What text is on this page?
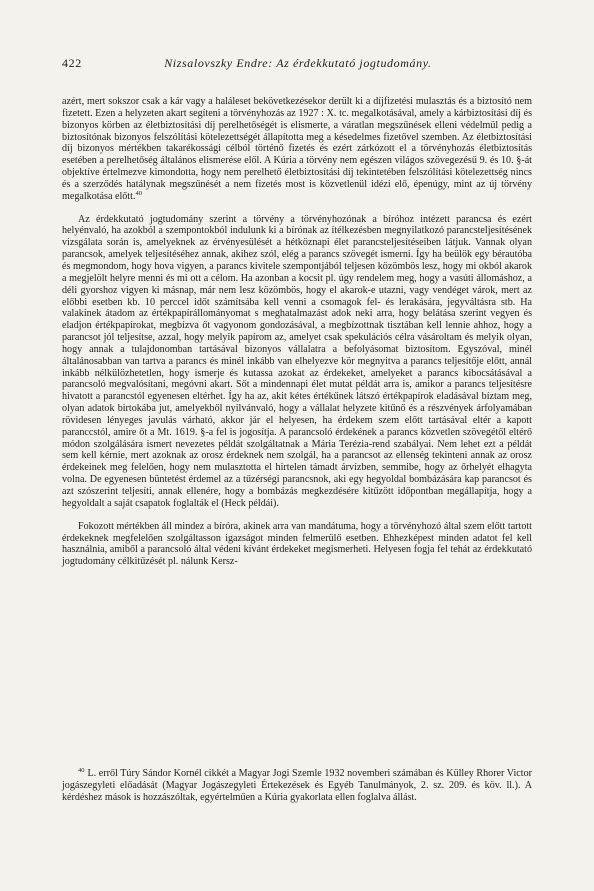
422	Nizsalovszky Endre: Az érdekkutató jogtudomány.

azért, mert sokszor csak a kár vagy a haláleset bekövetkezésekor derült ki a díjfizetési mulasztás és a biztosító nem fizetett. Ezen a helyzeten akart segíteni a törvényhozás az 1927 : X. tc. megalkotásával, amely a kárbiztosítási díj és bizonyos körben az életbiztosítási díj perelhetőségét is elismerte, a váratlan megszűnések elleni védelmül pedig a biztosítónak bizonyos felszólítási kötelezettségét állapította meg a késedelmes fizetővel szemben. Az életbiztosítási díj bizonyos mértékben takarékossági célból történő fizetés és ezért zárkózott el a törvényhozás életbiztosítás esetében a perelhetőség általános elismerése elől. A Kúria a törvény nem egészen világos szövegezésű 9. és 10. §-át objektíve értelmezve kimondotta, hogy nem perelhető életbiztosítási díj tekintetében felszólítási kötelezettség nincs és a szerződés hatálynak megszűnését a nem fizetés most is közvetlenül idézi elő, épenúgy, mint az új törvény megalkotása előtt.$^{40}$

Az érdekkutató jogtudomány szerint a törvény a törvényhozónak a bíróhoz intézett parancsa és ezért helyénvaló, ha azokból a szempontokból indulunk ki a bírónak az ítélkezésben megnyilatkozó parancsteljesítésének vizsgálata során is, amelyeknek az érvényesülését a hétköznapi élet parancsteljesítéseiben látjuk. Vannak olyan parancsok, amelyek teljesítéséhez annak, akihez szól, elég a parancs szövegét ismerni. Így ha beülök egy bérautóba és megmondom, hogy hova vigyen, a parancs kivitele szempontjából teljesen közömbös lesz, hogy mi okból akarok a megjelölt helyre menni és mi ott a célom. Ha azonban a kocsit pl. úgy rendelem meg, hogy a vasúti állomáshoz, a déli gyorshoz vigyen ki másnap, már nem lesz közömbös, hogy el akarok-e utazni, vagy vendéget várok, mert az előbbi esetben kb. 10 perccel időt számítsába kell venni a csomagok fel- és lerakására, jegyváltásra stb. Ha valakinek átadom az értékpapírállományomat s meghatalmazást adok neki arra, hogy belátása szerint vegyen és eladjon értékpapírokat, megbízva őt vagyonom gondozásával, a megbízottnak tisztában kell lennie ahhoz, hogy a parancsot jól teljesítse, azzal, hogy melyik papírom az, amelyet csak spekulációs célra vásároltam és melyik olyan, hogy annak a tulajdonomban tartásával bizonyos vállalatra a befolyásomat biztosítom. Egyszóval, minél általánosabban van tartva a parancs és minél inkább van elhelyezve kör megnyitva a parancs teljesítője előtt, annál inkább nélkülözhetetlen, hogy ismerje és kutassa azokat az érdekeket, amelyeket a parancs kibocsátásával a parancsoló megvalósítani, megóvni akart. Sőt a mindennapi élet mutat példát arra is, amikor a parancs teljesítésre hivatott a parancstól egyenesen eltérhet. Így ha az, akit kétes értékűnek látszó értékpapírok eladásával bíztam meg, olyan adatok birtokába jut, amelyekből nyilvánvaló, hogy a vállalat helyzete kitűnő és a részvények árfolyamában rövidesen lényeges javulás várható, akkor jár el helyesen, ha érdekem szem előtt tartásával eltér a kapott paranccstól, amire őt a Mt. 1619. §-a fel is jogosítja. A parancsoló érdekének a parancs közvetlen szövegétől eltérő módon szolgálására ismert nevezetes példát szolgáltatnak a Mária Terézia-rend szabályai. Nem lehet ezt a példát sem kell kérnie, mert azoknak az orosz érdeknek nem szolgál, ha a parancsot az ellenség tekinteni annak az orosz érdekeinek meg felelően, hogy nem mulasztotta el hirtelen támadt árvízben, semmibe, hogy az őrhelyét elhagyta volna. De egyenesen büntetést érdemel az a tűzérségi parancsnok, aki egy hegyoldal bombázására kap parancsot és azt szószerint teljesíti, annak ellenére, hogy a bombázás megkezdésére kitűzött időpontban megállapítja, hogy a hegyoldalt a saját csapatok foglalták el (Heck példái).

Fokozott mértékben áll mindez a bíróra, akinek arra van mandátuma, hogy a törvényhozó által szem előtt tartott érdekeknek megfelelően szolgáltasson igazságot minden felmerülő esetben. Ehhezképest minden adatot fel kell használnia, amiből a parancsoló által védeni kívánt érdekeket megismerheti. Helyesen fogja fel tehát az érdekkutató jogtudomány célkitűzését pl. nálunk Kersz-

$^{40}$ L. erről Túry Sándor Kornél cikkét a Magyar Jogi Szemle 1932 novemberi számában és Külley Rhorer Victor jogászegyleti előadását (Magyar Jogászegyleti Értekezések és Egyéb Tanulmányok, 2. sz. 209. és köv. ll.). A kérdéshez mások is hozzászóltak, egyértelműen a Kúria gyakorlata ellen foglalva állást.
